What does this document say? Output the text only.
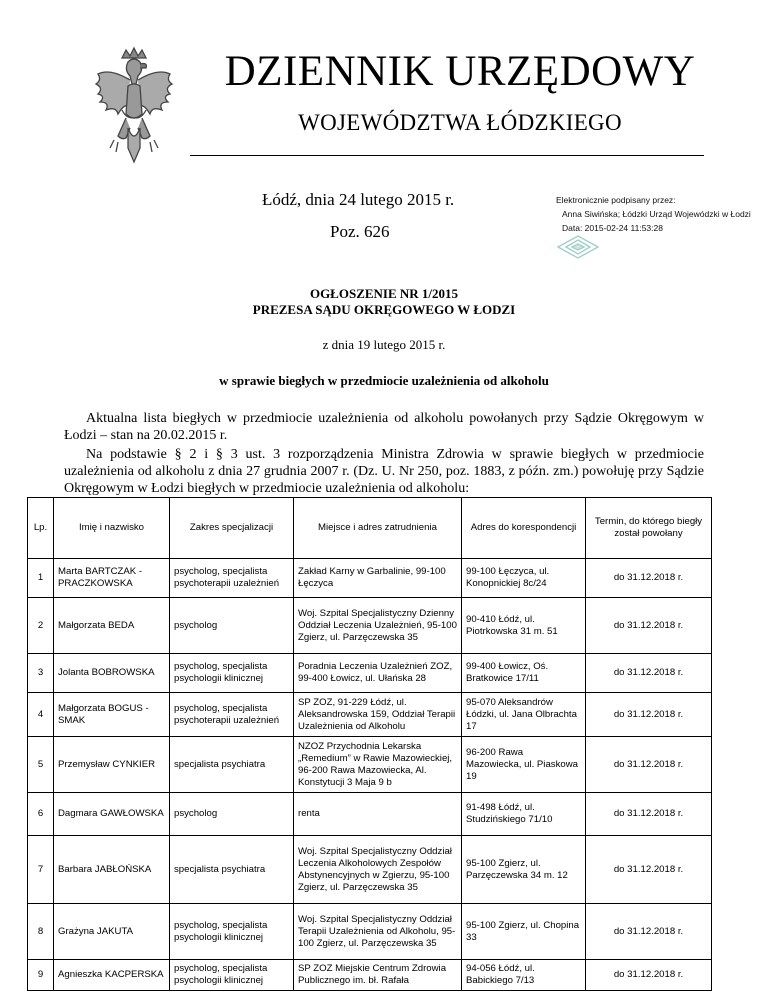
DZIENNIK URZĘDOWY
WOJEWÓDZTWA ŁÓDZKIEGO
Łódź, dnia 24 lutego 2015 r.
Poz. 626
Elektronicznie podpisany przez:
Anna Siwińska; Łódzki Urząd Wojewódzki w Łodzi
Data: 2015-02-24 11:53:28
OGŁOSZENIE NR 1/2015
PREZESA SĄDU OKRĘGOWEGO W ŁODZI
z dnia 19 lutego 2015 r.
w sprawie biegłych w przedmiocie uzależnienia od alkoholu
Aktualna lista biegłych w przedmiocie uzależnienia od alkoholu powołanych przy Sądzie Okręgowym w Łodzi – stan na 20.02.2015 r.
Na podstawie § 2 i § 3 ust. 3 rozporządzenia Ministra Zdrowia w sprawie biegłych w przedmiocie uzależnienia od alkoholu z dnia 27 grudnia 2007 r. (Dz. U. Nr 250, poz. 1883, z późn. zm.) powołuję przy Sądzie Okręgowym w Łodzi biegłych w przedmiocie uzależnienia od alkoholu:
Lp.	Imię i nazwisko	Zakres specjalizacji	Miejsce i adres zatrudnienia	Adres do korespondencji	Termin, do którego biegły został powołany
1	Marta BARTCZAK - PRACZKOWSKA	psycholog, specjalista psychoterapii uzależnień	Zakład Karny w Garbalinie, 99-100 Łęczyca	99-100 Łęczyca, ul. Konopnickiej 8c/24	do 31.12.2018 r.
2	Małgorzata BEDA	psycholog	Woj. Szpital Specjalistyczny Dzienny Oddział Leczenia Uzależnień, 95-100 Zgierz, ul. Parzęczewska 35	90-410 Łódź, ul. Piotrkowska 31 m. 51	do 31.12.2018 r.
3	Jolanta BOBROWSKA	psycholog, specjalista psychologii klinicznej	Poradnia Leczenia Uzależnień ZOZ, 99-400 Łowicz, ul. Ułańska 28	99-400 Łowicz, Oś. Bratkowice 17/11	do 31.12.2018 r.
4	Małgorzata BOGUS - SMAK	psycholog, specjalista psychoterapii uzależnień	SP ZOZ, 91-229 Łódź, ul. Aleksandrowska 159, Oddział Terapii Uzależnienia od Alkoholu	95-070 Aleksandrów Łódzki, ul. Jana Olbrachta 17	do 31.12.2018 r.
5	Przemysław CYNKIER	specjalista psychiatra	NZOZ Przychodnia Lekarska „Remedium” w Rawie Mazowieckiej, 96-200 Rawa Mazowiecka, Al. Konstytucji 3 Maja 9 b	96-200 Rawa Mazowiecka, ul. Piaskowa 19	do 31.12.2018 r.
6	Dagmara GAWŁOWSKA	psycholog	renta	91-498 Łódź, ul. Studzińskiego 71/10	do 31.12.2018 r.
7	Barbara JABŁOŃSKA	specjalista psychiatra	Woj. Szpital Specjalistyczny Oddział Leczenia Alkoholowych Zespołów Abstynencyjnych w Zgierzu, 95-100 Zgierz, ul. Parzęczewska 35	95-100 Zgierz, ul. Parzęczewska 34 m. 12	do 31.12.2018 r.
8	Grażyna JAKUTA	psycholog, specjalista psychologii klinicznej	Woj. Szpital Specjalistyczny Oddział Terapii Uzależnienia od Alkoholu, 95-100 Zgierz, ul. Parzęczewska 35	95-100 Zgierz, ul. Chopina 33	do 31.12.2018 r.
9	Agnieszka KACPERSKA	psycholog, specjalista psychologii klinicznej	SP ZOZ Miejskie Centrum Zdrowia Publicznego im. bł. Rafała	94-056 Łódź, ul. Babickiego 7/13	do 31.12.2018 r.
